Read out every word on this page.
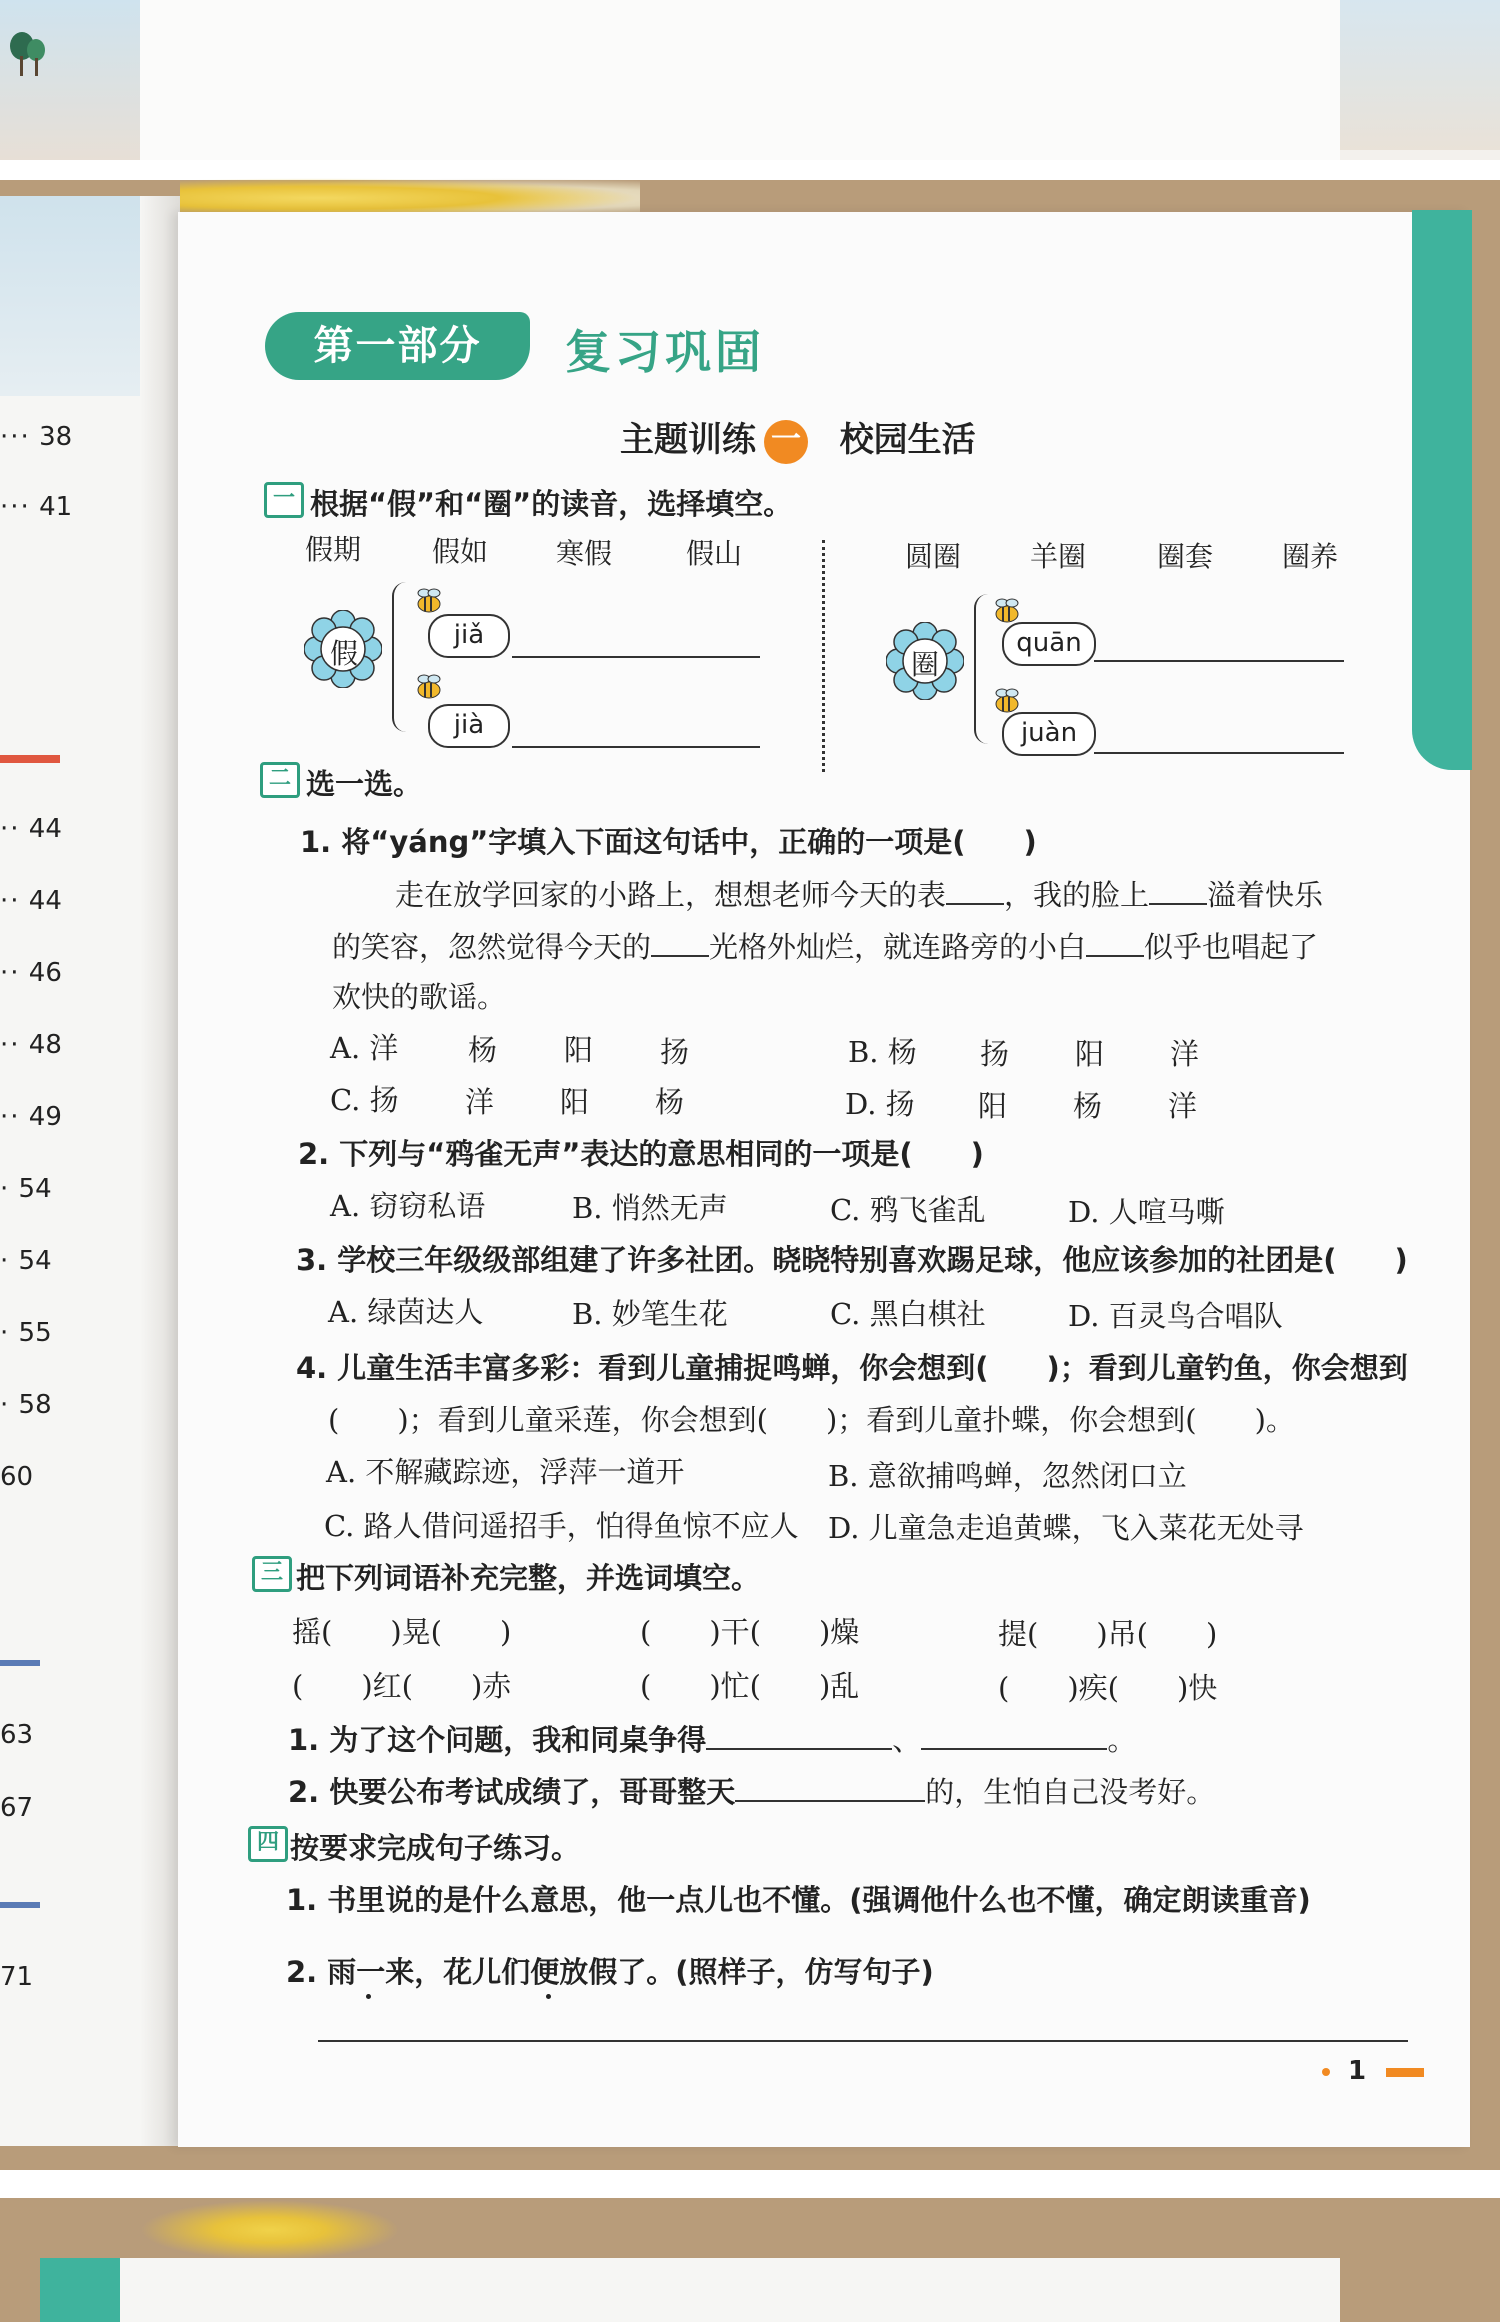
··· 38
··· 41
·· 44
·· 44
·· 46
·· 48
·· 49
· 54
· 54
· 55
· 58
60
63
67
71
第一部分	复习巩固
主题训练 一 校园生活
一 根据“假”和“圈”的读音，选择填空。
假期	假如 寒假	假山	圆圈 羊圈	圈套 圈养
假
jiǎ
jià
圈
quān
juàn
二 选一选。
1. 将“yáng”字填入下面这句话中，正确的一项是(　　)
走在放学回家的小路上，想想老师今天的表 ，我的脸上 溢着快乐
的笑容，忽然觉得今天的 光格外灿烂，就连路旁的小白 似乎也唱起了
欢快的歌谣。
A. 洋 杨 阳 扬	B. 杨 扬 阳 洋
C. 扬 洋 阳 杨	D. 扬 阳 杨 洋
2. 下列与“鸦雀无声”表达的意思相同的一项是(　　)
A. 窃窃私语	B. 悄然无声	C. 鸦飞雀乱	D. 人喧马嘶
3. 学校三年级级部组建了许多社团。晓晓特别喜欢踢足球，他应该参加的社团是(　　)
A. 绿茵达人	B. 妙笔生花	C. 黑白棋社	D. 百灵鸟合唱队
4. 儿童生活丰富多彩：看到儿童捕捉鸣蝉，你会想到(　　)；看到儿童钓鱼，你会想到
(　　)；看到儿童采莲，你会想到(　　)；看到儿童扑蝶，你会想到(　　)。
A. 不解藏踪迹，浮萍一道开	B. 意欲捕鸣蝉，忽然闭口立
C. 路人借问遥招手，怕得鱼惊不应人 D. 儿童急走追黄蝶，飞入菜花无处寻
三 把下列词语补充完整，并选词填空。
摇(　　)晃(　　)	(　　)干(　　)燥	提(　　)吊(　　)
(　　)红(　　)赤	(　　)忙(　　)乱	(　　)疾(　　)快
1. 为了这个问题，我和同桌争得	、	。
2. 快要公布考试成绩了，哥哥整天	的，生怕自己没考好。
四 按要求完成句子练习。
1. 书里说的是什么意思，他一点儿也不懂。(强调他什么也不懂，确定朗读重音)
2. 雨一来，花儿们便放假了。(照样子，仿写句子)
1
